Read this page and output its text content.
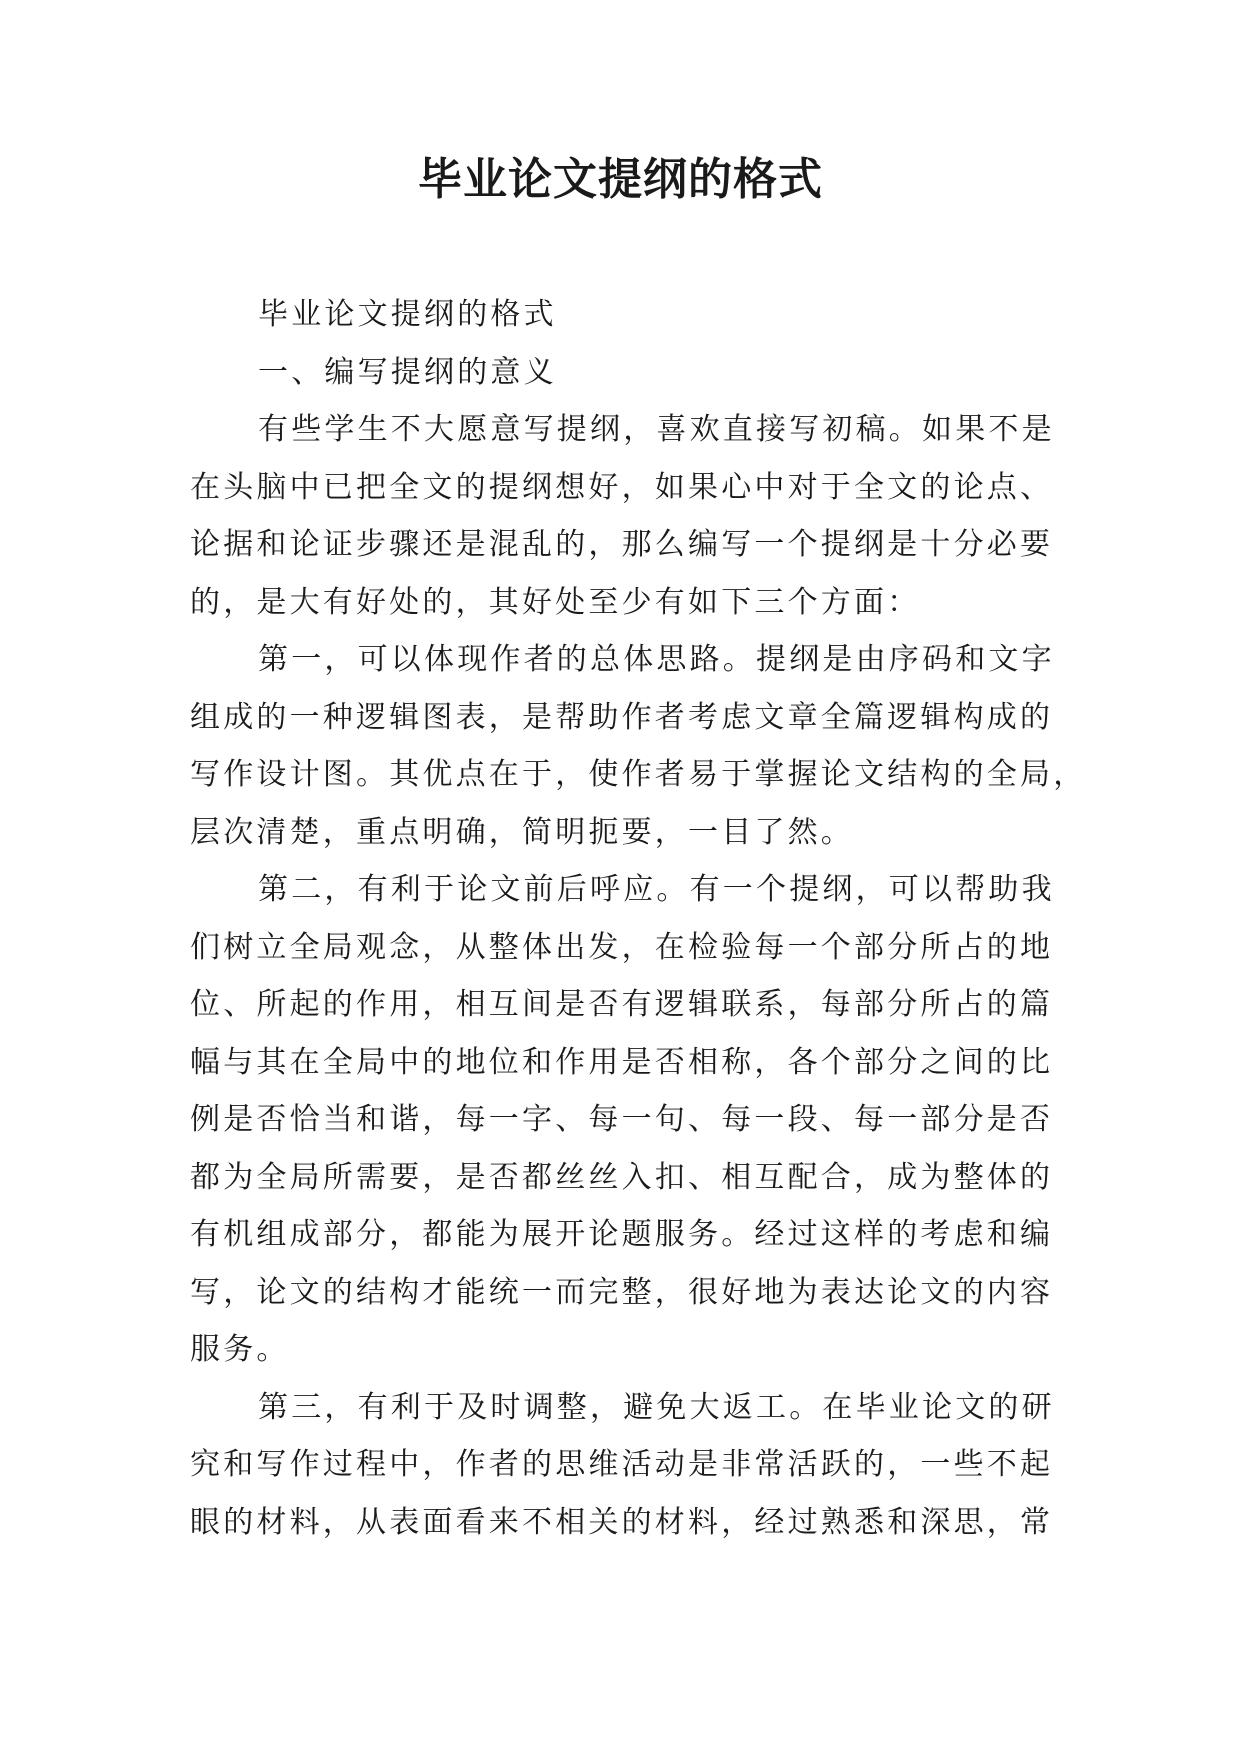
毕业论文提纲的格式
毕业论文提纲的格式
一、编写提纲的意义
有些学生不大愿意写提纲，喜欢直接写初稿。如果不是
在头脑中已把全文的提纲想好，如果心中对于全文的论点、
论据和论证步骤还是混乱的，那么编写一个提纲是十分必要
的，是大有好处的，其好处至少有如下三个方面：
第一，可以体现作者的总体思路。提纲是由序码和文字
组成的一种逻辑图表，是帮助作者考虑文章全篇逻辑构成的
写作设计图。其优点在于，使作者易于掌握论文结构的全局，
层次清楚，重点明确，简明扼要，一目了然。
第二，有利于论文前后呼应。有一个提纲，可以帮助我
们树立全局观念，从整体出发，在检验每一个部分所占的地
位、所起的作用，相互间是否有逻辑联系，每部分所占的篇
幅与其在全局中的地位和作用是否相称，各个部分之间的比
例是否恰当和谐，每一字、每一句、每一段、每一部分是否
都为全局所需要，是否都丝丝入扣、相互配合，成为整体的
有机组成部分，都能为展开论题服务。经过这样的考虑和编
写，论文的结构才能统一而完整，很好地为表达论文的内容
服务。
第三，有利于及时调整，避免大返工。在毕业论文的研
究和写作过程中，作者的思维活动是非常活跃的，一些不起
眼的材料，从表面看来不相关的材料，经过熟悉和深思，常
